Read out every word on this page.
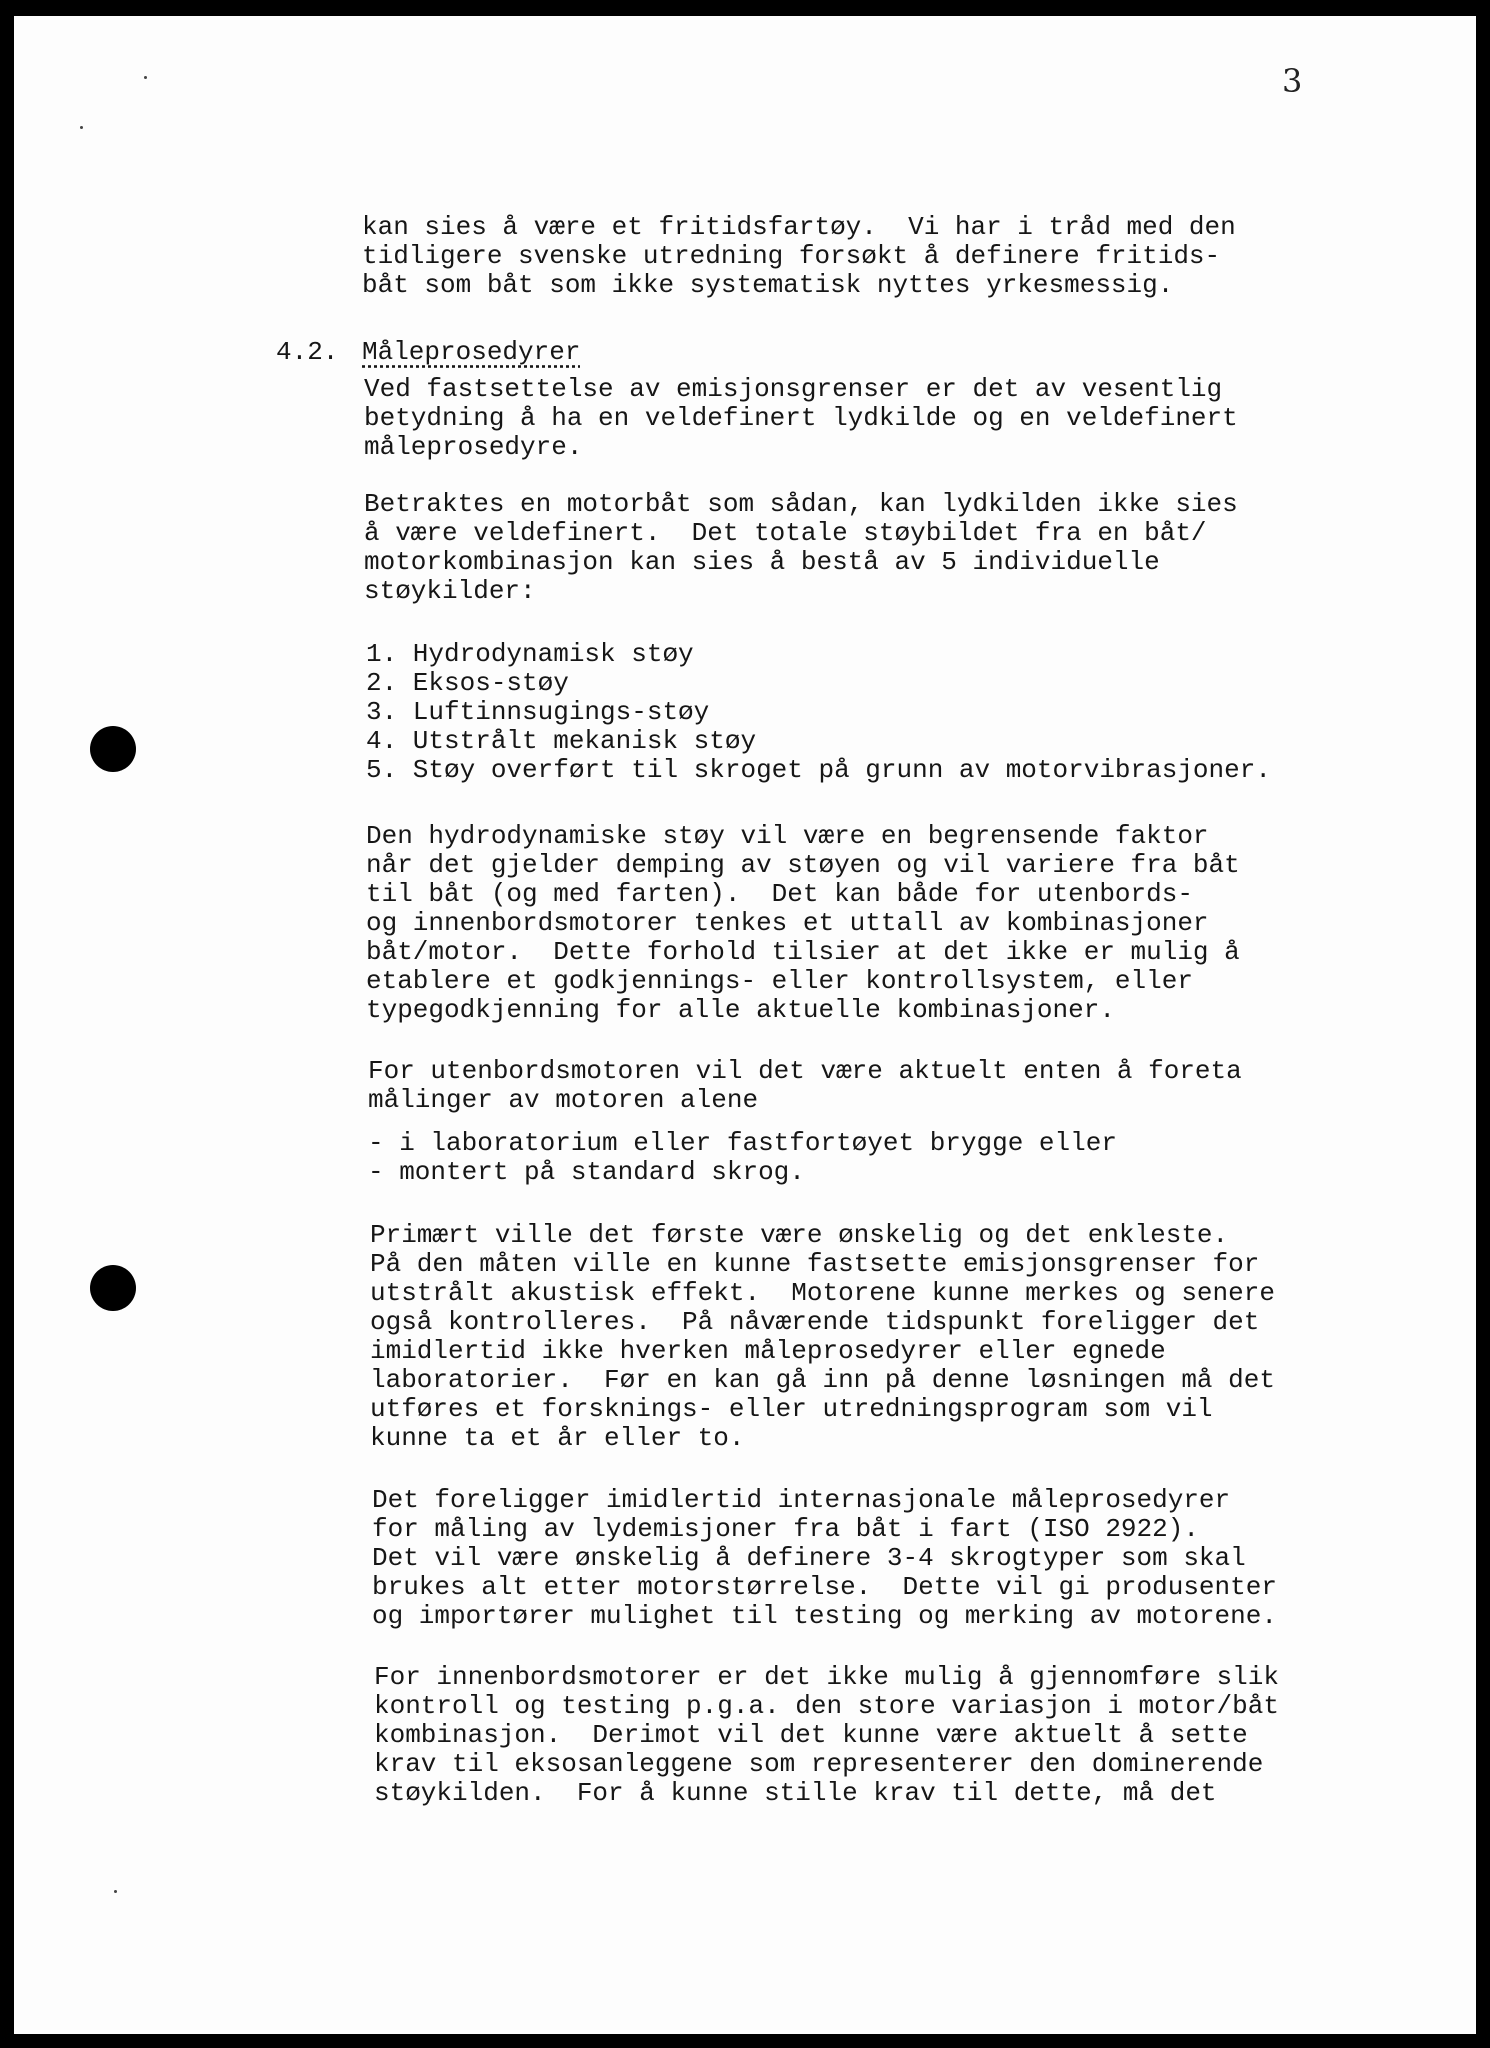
3
kan sies å være et fritidsfartøy.  Vi har i tråd med den
tidligere svenske utredning forsøkt å definere fritids-
båt som båt som ikke systematisk nyttes yrkesmessig.
4.2. Måleprosedyrer
Ved fastsettelse av emisjonsgrenser er det av vesentlig
betydning å ha en veldefinert lydkilde og en veldefinert
måleprosedyre.
Betraktes en motorbåt som sådan, kan lydkilden ikke sies
å være veldefinert.  Det totale støybildet fra en båt/
motorkombinasjon kan sies å bestå av 5 individuelle
støykilder:
1. Hydrodynamisk støy
2. Eksos-støy
3. Luftinnsugings-støy
4. Utstrålt mekanisk støy
5. Støy overført til skroget på grunn av motorvibrasjoner.
Den hydrodynamiske støy vil være en begrensende faktor
når det gjelder demping av støyen og vil variere fra båt
til båt (og med farten).  Det kan både for utenbords-
og innenbordsmotorer tenkes et uttall av kombinasjoner
båt/motor.  Dette forhold tilsier at det ikke er mulig å
etablere et godkjennings- eller kontrollsystem, eller
typegodkjenning for alle aktuelle kombinasjoner.
For utenbordsmotoren vil det være aktuelt enten å foreta
målinger av motoren alene
- i laboratorium eller fastfortøyet brygge eller
- montert på standard skrog.
Primært ville det første være ønskelig og det enkleste.
På den måten ville en kunne fastsette emisjonsgrenser for
utstrålt akustisk effekt.  Motorene kunne merkes og senere
også kontrolleres.  På nåværende tidspunkt foreligger det
imidlertid ikke hverken måleprosedyrer eller egnede
laboratorier.  Før en kan gå inn på denne løsningen må det
utføres et forsknings- eller utredningsprogram som vil
kunne ta et år eller to.
Det foreligger imidlertid internasjonale måleprosedyrer
for måling av lydemisjoner fra båt i fart (ISO 2922).
Det vil være ønskelig å definere 3-4 skrogtyper som skal
brukes alt etter motorstørrelse.  Dette vil gi produsenter
og importører mulighet til testing og merking av motorene.
For innenbordsmotorer er det ikke mulig å gjennomføre slik
kontroll og testing p.g.a. den store variasjon i motor/båt
kombinasjon.  Derimot vil det kunne være aktuelt å sette
krav til eksosanleggene som representerer den dominerende
støykilden.  For å kunne stille krav til dette, må det
